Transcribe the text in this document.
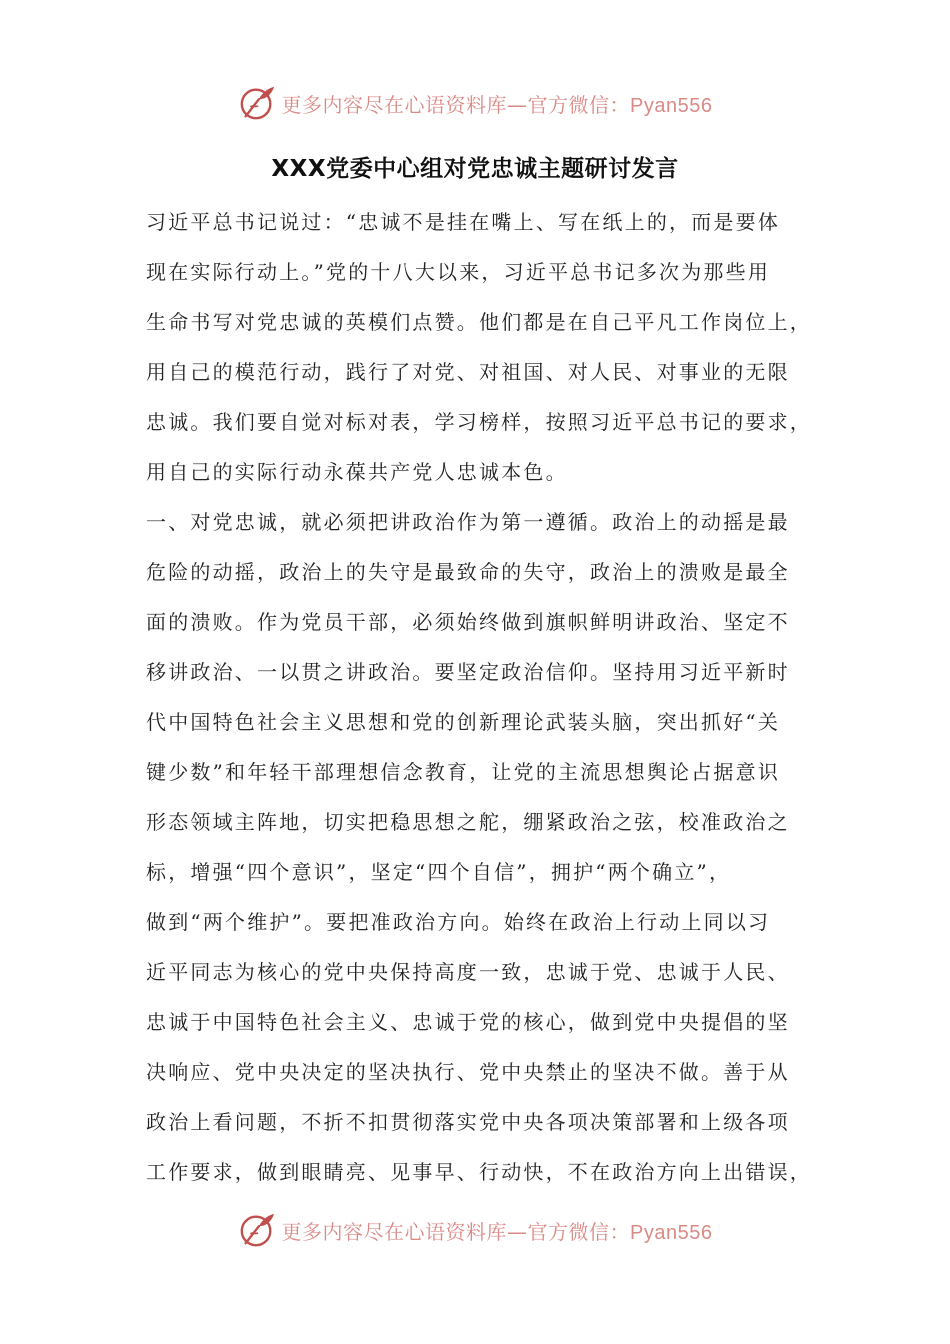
更多内容尽在心语资料库—官方微信：Pyan556
XXX党委中心组对党忠诚主题研讨发言
习近平总书记说过：“忠诚不是挂在嘴上、写在纸上的，而是要体
现在实际行动上。”党的十八大以来，习近平总书记多次为那些用
生命书写对党忠诚的英模们点赞。他们都是在自己平凡工作岗位上，
用自己的模范行动，践行了对党、对祖国、对人民、对事业的无限
忠诚。我们要自觉对标对表，学习榜样，按照习近平总书记的要求，
用自己的实际行动永葆共产党人忠诚本色。
一、对党忠诚，就必须把讲政治作为第一遵循。政治上的动摇是最
危险的动摇，政治上的失守是最致命的失守，政治上的溃败是最全
面的溃败。作为党员干部，必须始终做到旗帜鲜明讲政治、坚定不
移讲政治、一以贯之讲政治。要坚定政治信仰。坚持用习近平新时
代中国特色社会主义思想和党的创新理论武装头脑，突出抓好“关
键少数”和年轻干部理想信念教育，让党的主流思想舆论占据意识
形态领域主阵地，切实把稳思想之舵，绷紧政治之弦，校准政治之
标，增强“四个意识”，坚定“四个自信”，拥护“两个确立”，
做到“两个维护”。要把准政治方向。始终在政治上行动上同以习
近平同志为核心的党中央保持高度一致，忠诚于党、忠诚于人民、
忠诚于中国特色社会主义、忠诚于党的核心，做到党中央提倡的坚
决响应、党中央决定的坚决执行、党中央禁止的坚决不做。善于从
政治上看问题，不折不扣贯彻落实党中央各项决策部署和上级各项
工作要求，做到眼睛亮、见事早、行动快，不在政治方向上出错误，
更多内容尽在心语资料库—官方微信：Pyan556
